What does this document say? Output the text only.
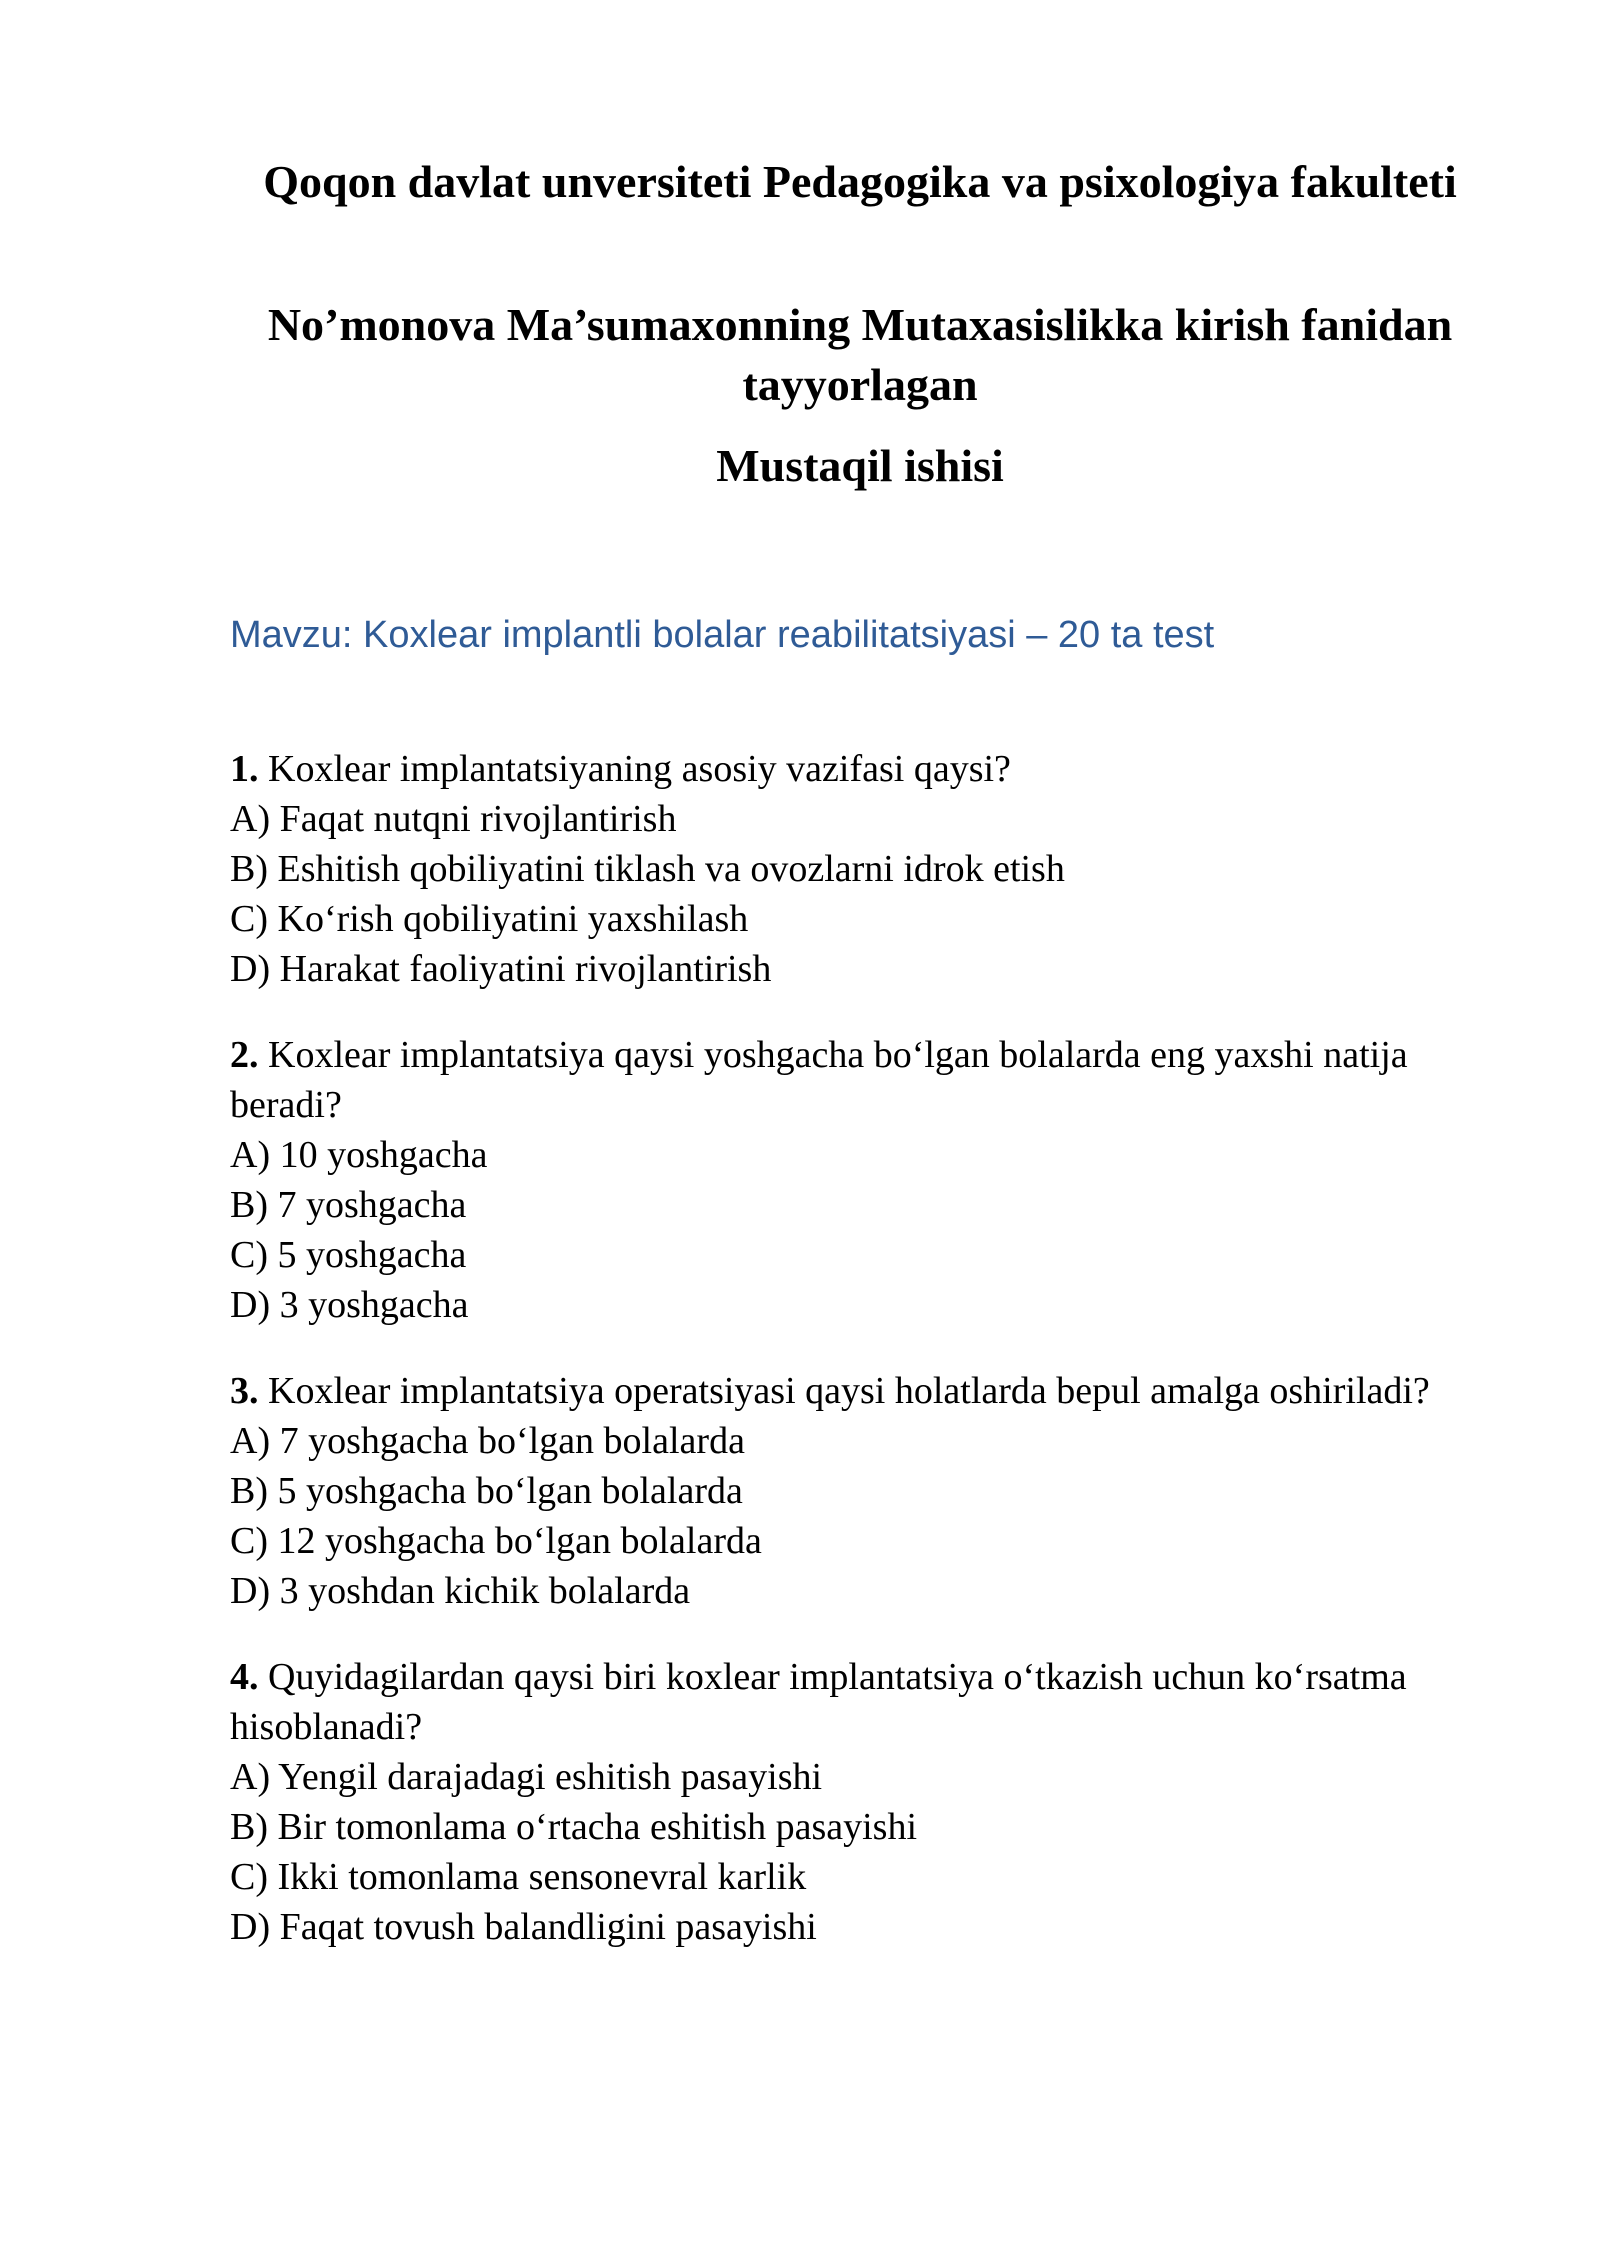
Qoqon davlat unversiteti Pedagogika va psixologiya fakulteti
No’monova Ma’sumaxonning Mutaxasislikka kirish fanidan tayyorlagan
Mustaqil ishisi
Mavzu: Koxlear implantli bolalar reabilitatsiyasi – 20 ta test
1. Koxlear implantatsiyaning asosiy vazifasi qaysi?
A) Faqat nutqni rivojlantirish
B) Eshitish qobiliyatini tiklash va ovozlarni idrok etish
C) Ko‘rish qobiliyatini yaxshilash
D) Harakat faoliyatini rivojlantirish
2. Koxlear implantatsiya qaysi yoshgacha bo‘lgan bolalarda eng yaxshi natija beradi?
A) 10 yoshgacha
B) 7 yoshgacha
C) 5 yoshgacha
D) 3 yoshgacha
3. Koxlear implantatsiya operatsiyasi qaysi holatlarda bepul amalga oshiriladi?
A) 7 yoshgacha bo‘lgan bolalarda
B) 5 yoshgacha bo‘lgan bolalarda
C) 12 yoshgacha bo‘lgan bolalarda
D) 3 yoshdan kichik bolalarda
4. Quyidagilardan qaysi biri koxlear implantatsiya o‘tkazish uchun ko‘rsatma hisoblanadi?
A) Yengil darajadagi eshitish pasayishi
B) Bir tomonlama o‘rtacha eshitish pasayishi
C) Ikki tomonlama sensonevral karlik
D) Faqat tovush balandligini pasayishi
